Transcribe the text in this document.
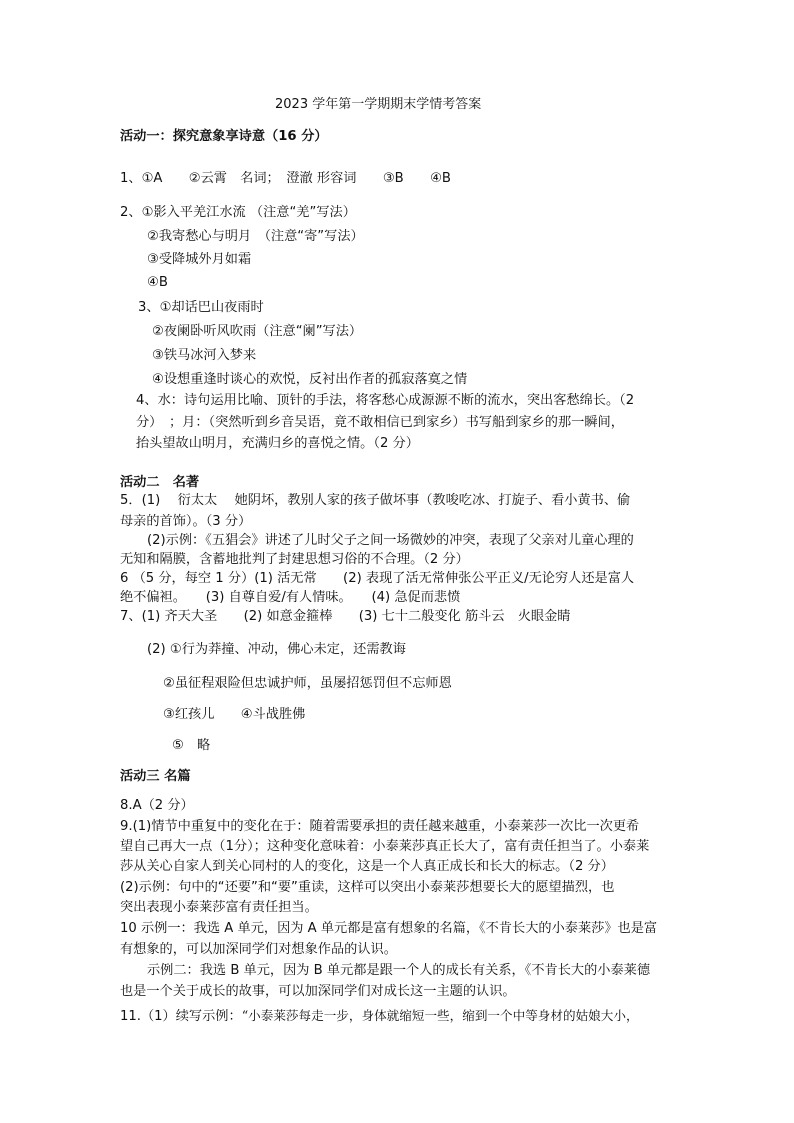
2023 学年第一学期期末学情考答案
活动一：探究意象享诗意（16 分）
1、①A　　②云霄　名词；　澄澈 形容词　　③B　　④B
2、①影入平羌江水流 （注意“羌”写法）
②我寄愁心与明月　（注意“寄”写法）
③受降城外月如霜
④B
3、①却话巴山夜雨时
②夜阑卧听风吹雨（注意“阑”写法）
③铁马冰河入梦来
④设想重逢时谈心的欢悦，反衬出作者的孤寂落寞之情
4、水：诗句运用比喻、顶针的手法，将客愁心成源源不断的流水，突出客愁绵长。（2
分）　；月：（突然听到乡音吴语，竟不敢相信已到家乡）书写船到家乡的那一瞬间，
抬头望故山明月，充满归乡的喜悦之情。（2 分）
活动二　名著
5．(1)　 衍太太　 她阴坏，教别人家的孩子做坏事（教唆吃冰、打旋子、看小黄书、偷
母亲的首饰）。（3 分）
(2)示例：《五猖会》讲述了儿时父子之间一场微妙的冲突，表现了父亲对儿童心理的
无知和隔膜，含蓄地批判了封建思想习俗的不合理。（2 分）
6 （5 分，每空 1 分）(1) 活无常　　(2) 表现了活无常伸张公平正义/无论穷人还是富人
绝不偏袒。　　(3) 自尊自爱/有人情味。　　(4) 急促而悲愤
7、(1) 齐天大圣　　(2) 如意金箍棒　　(3) 七十二般变化 筋斗云　火眼金睛
(2) ①行为莽撞、冲动，佛心未定，还需教诲
②虽征程艰险但忠诚护师，虽屡招惩罚但不忘师恩
③红孩儿　　④斗战胜佛
⑤　略
活动三 名篇
8.A（2 分）
9.(1)情节中重复中的变化在于：随着需要承担的责任越来越重，小泰莱莎一次比一次更希
望自己再大一点（1分）；这种变化意味着：小泰莱莎真正长大了，富有责任担当了。小泰莱
莎从关心自家人到关心同村的人的变化，这是一个人真正成长和长大的标志。（2 分）
(2)示例：句中的“还要”和“要”重读，这样可以突出小泰莱莎想要长大的愿望描烈，也
突出表现小泰莱莎富有责任担当。
10 示例一：我选 A 单元，因为 A 单元都是富有想象的名篇，《不肯长大的小泰莱莎》也是富
有想象的，可以加深同学们对想象作品的认识。
示例二：我选 B 单元，因为 B 单元都是跟一个人的成长有关系，《不肯长大的小泰莱德
也是一个关于成长的故事，可以加深同学们对成长这一主题的认识。
11.（1）续写示例：“小泰莱莎每走一步，身体就缩短一些，缩到一个中等身材的姑娘大小，
